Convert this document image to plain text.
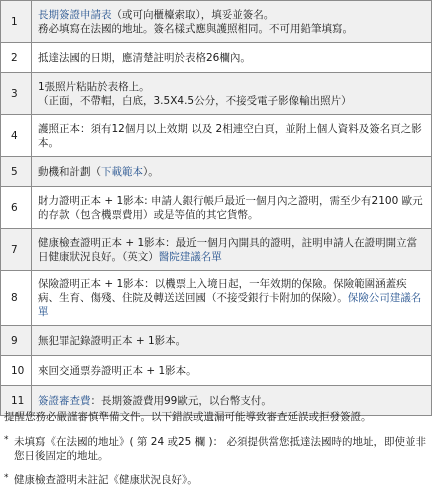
1	長期簽證申請表（或可向櫃檯索取），填妥並簽名。
務必填寫在法國的地址。簽名樣式應與護照相同。不可用鉛筆填寫。
2	抵達法國的日期，應清楚註明於表格26欄內。
3	1張照片粘貼於表格上。
（正面，不帶帽，白底，3.5X4.5公分，不接受電子影像輸出照片）
4	護照正本：須有12個月以上效期 以及 2相連空白頁，並附上個人資料及簽名頁之影本。
5	動機和計劃（下載範本）。
6	財力證明正本 + 1影本: 申請人銀行帳戶最近一個月內之證明，需至少有2100 歐元的存款（包含機票費用）或是等值的其它貨幣。
7	健康檢查證明正本 + 1影本：最近一個月內開具的證明，註明申請人在證明開立當日健康狀況良好。（英文）醫院建議名單
8	保險證明正本 + 1影本：以機票上入境日起，一年效期的保險。保險範圍涵蓋疾病、生育、傷殘、住院及轉送送回國（不接受銀行卡附加的保險）。保險公司建議名單
9	無犯罪記錄證明正本 + 1影本。
10	來回交通票券證明正本 + 1影本。
11	簽證審查費：長期簽證費用99歐元，以台幣支付。

提醒您務必嚴謹審慎準備文件。以下錯誤或遺漏可能導致審查延誤或拒發簽證。

* 未填寫《在法國的地址》( 第 24 或25 欄 )： 必須提供當您抵達法國時的地址，即使並非您日後固定的地址。
* 健康檢查證明未註記《健康狀況良好》。
